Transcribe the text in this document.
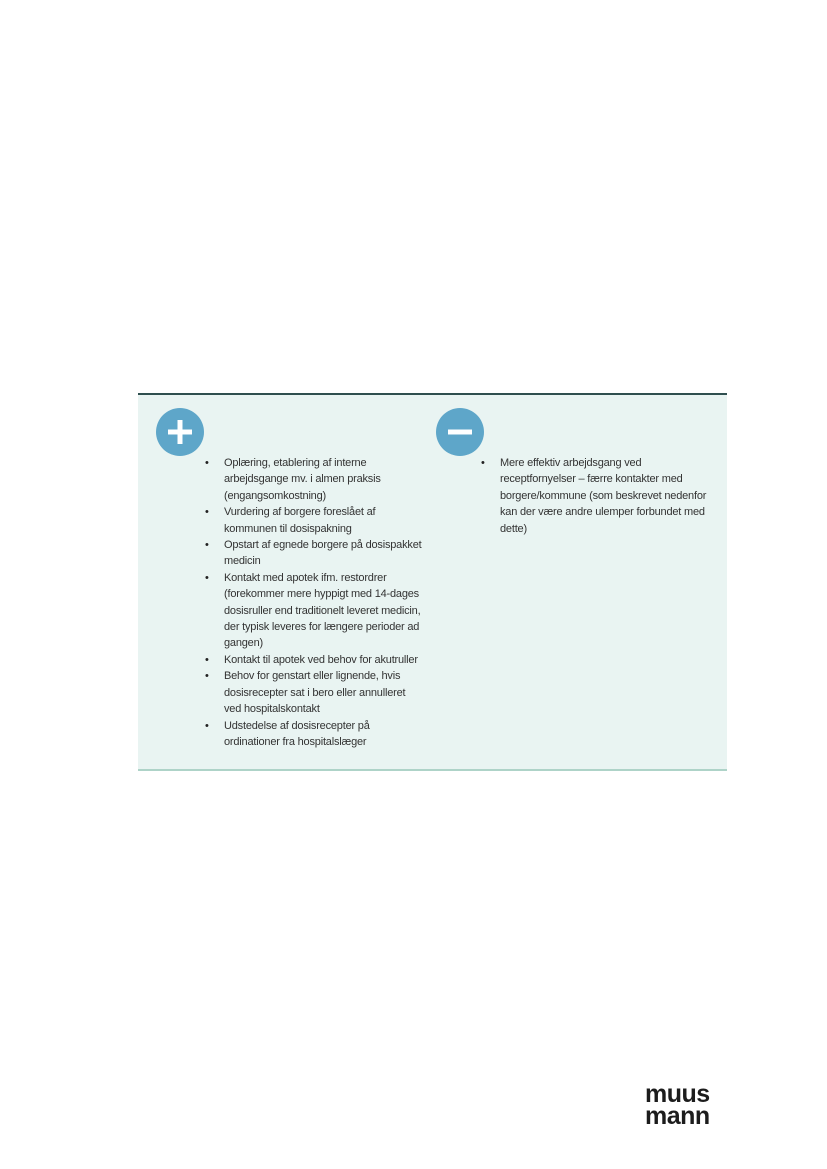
• Oplæring, etablering af interne arbejdsgange mv. i almen praksis (engangsomkostning)
• Vurdering af borgere foreslået af kommunen til dosispakning
• Opstart af egnede borgere på dosispakket medicin
• Kontakt med apotek ifm. restordrer (forekommer mere hyppigt med 14-dages dosisruller end traditionelt leveret medicin, der typisk leveres for længere perioder ad gangen)
• Kontakt til apotek ved behov for akutruller
• Behov for genstart eller lignende, hvis dosisrecepter sat i bero eller annulleret ved hospitalskontakt
• Udstedelse af dosisrecepter på ordinationer fra hospitalslæger
• Mere effektiv arbejdsgang ved receptfornyelser – færre kontakter med borgere/kommune (som beskrevet nedenfor kan der være andre ulemper forbundet med dette)
muus
mann
